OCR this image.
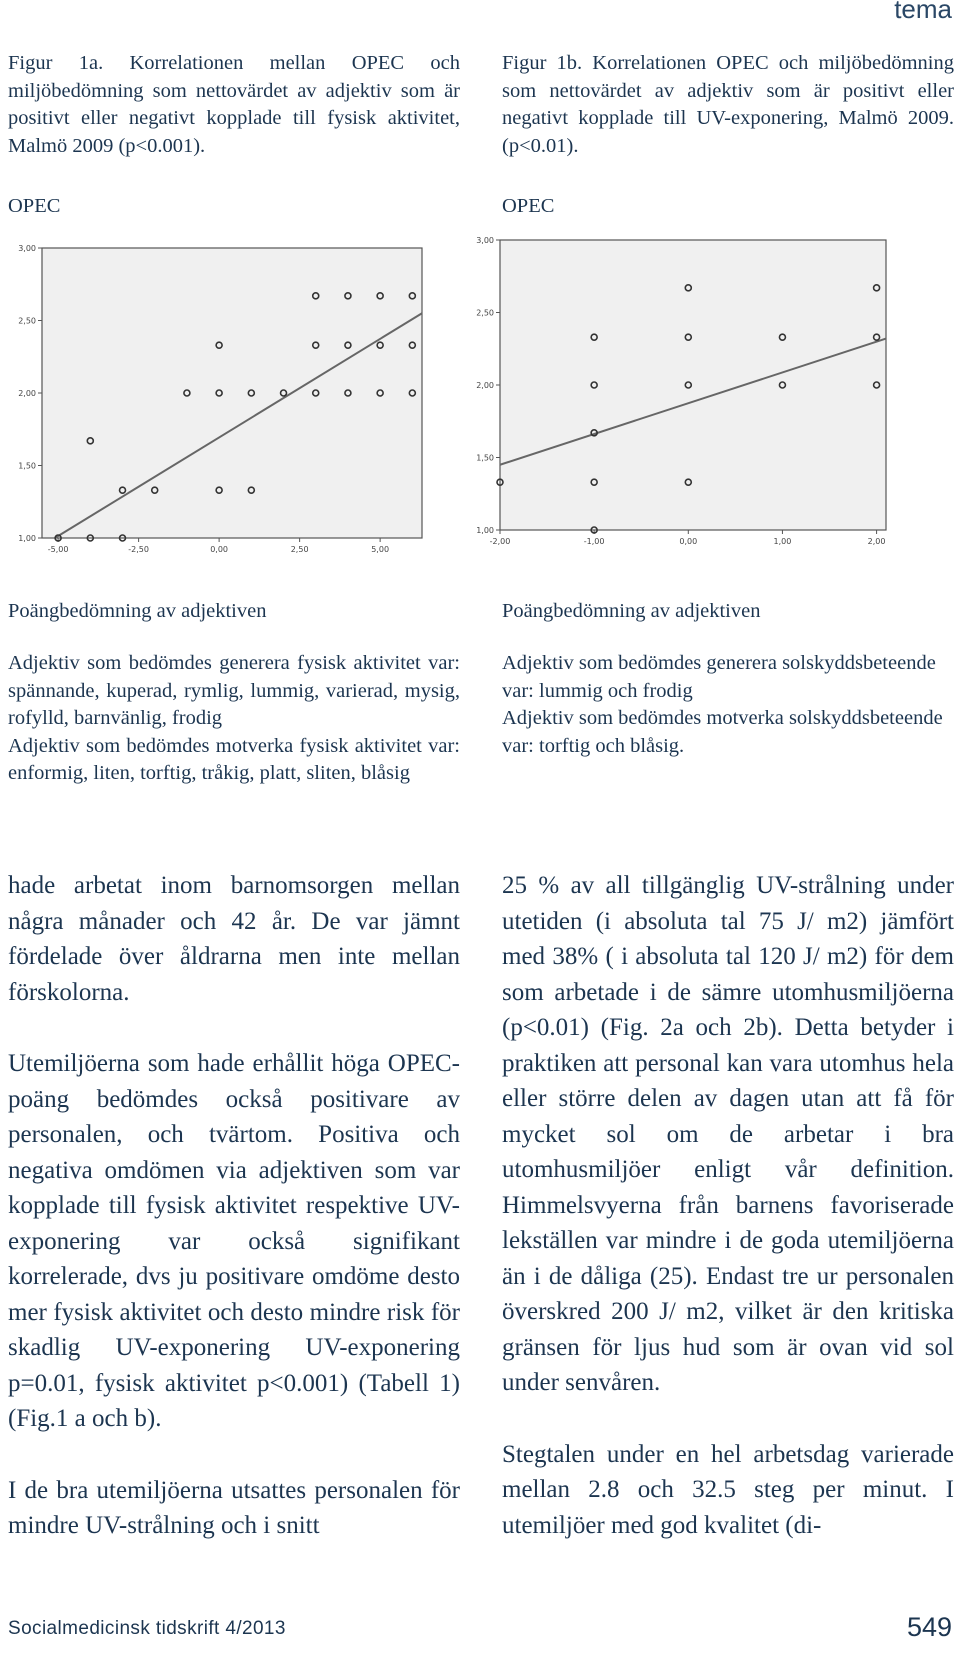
tema
Figur 1a. Korrelationen mellan OPEC och miljöbedömning som nettovärdet av adjektiv som är positivt eller negativt kopplade till fysisk aktivitet, Malmö 2009 (p<0.001).
OPEC
1,00
1,50
2,00
2,50
3,00
-5,00	-2,50	0,00	2,50	5,00
Poängbedömning av adjektiven

Adjektiv som bedömdes generera fysisk aktivitet var: spännande, kuperad, rymlig, lummig, varierad, mysig, rofylld, barnvänlig, frodig

Adjektiv som bedömdes motverka fysisk aktivitet var: enformig, liten, torftig, tråkig, platt, sliten, blåsig

hade arbetat inom barnomsorgen mellan några månader och 42 år. De var jämnt fördelade över åldrarna men inte mellan förskolorna.

Utemiljöerna som hade erhållit höga OPEC-poäng bedömdes också positivare av personalen, och tvärtom. Positiva och negativa omdömen via adjektiven som var kopplade till fysisk aktivitet respektive UV-exponering var också signifikant korrelerade, dvs ju positivare omdöme desto mer fysisk aktivitet och desto mindre risk för skadlig UV-exponering UV-exponering p=0.01, fysisk aktivitet p<0.001) (Tabell 1) (Fig.1 a och b).

I de bra utemiljöerna utsattes personalen för mindre UV-strålning och i snitt

Figur 1b. Korrelationen OPEC och miljöbedömning som nettovärdet av adjektiv som är positivt eller negativt kopplade till UV-exponering, Malmö 2009. (p<0.01).
OPEC
1,00
1,50
2,00
2,50
3,00
-2,00	-1,00	0,00	1,00	2,00
Poängbedömning av adjektiven

Adjektiv som bedömdes generera solskyddsbeteende var: lummig och frodig

Adjektiv som bedömdes motverka solskyddsbeteende var: torftig och blåsig.

25 % av all tillgänglig UV-strålning under utetiden (i absoluta tal 75 J/ m2) jämfört med 38% ( i absoluta tal 120 J/ m2) för dem som arbetade i de sämre utomhusmiljöerna (p<0.01) (Fig. 2a och 2b). Detta betyder i praktiken att personal kan vara utomhus hela eller större delen av dagen utan att få för mycket sol om de arbetar i bra utomhusmiljöer enligt vår definition. Himmelsvyerna från barnens favoriserade lekställen var mindre i de goda utemiljöerna än i de dåliga (25). Endast tre ur personalen överskred 200 J/ m2, vilket är den kritiska gränsen för ljus hud som är ovan vid sol under senvåren.

Stegtalen under en hel arbetsdag varierade mellan 2.8 och 32.5 steg per minut. I utemiljöer med god kvalitet (di-

Socialmedicinsk tidskrift 4/2013	549
